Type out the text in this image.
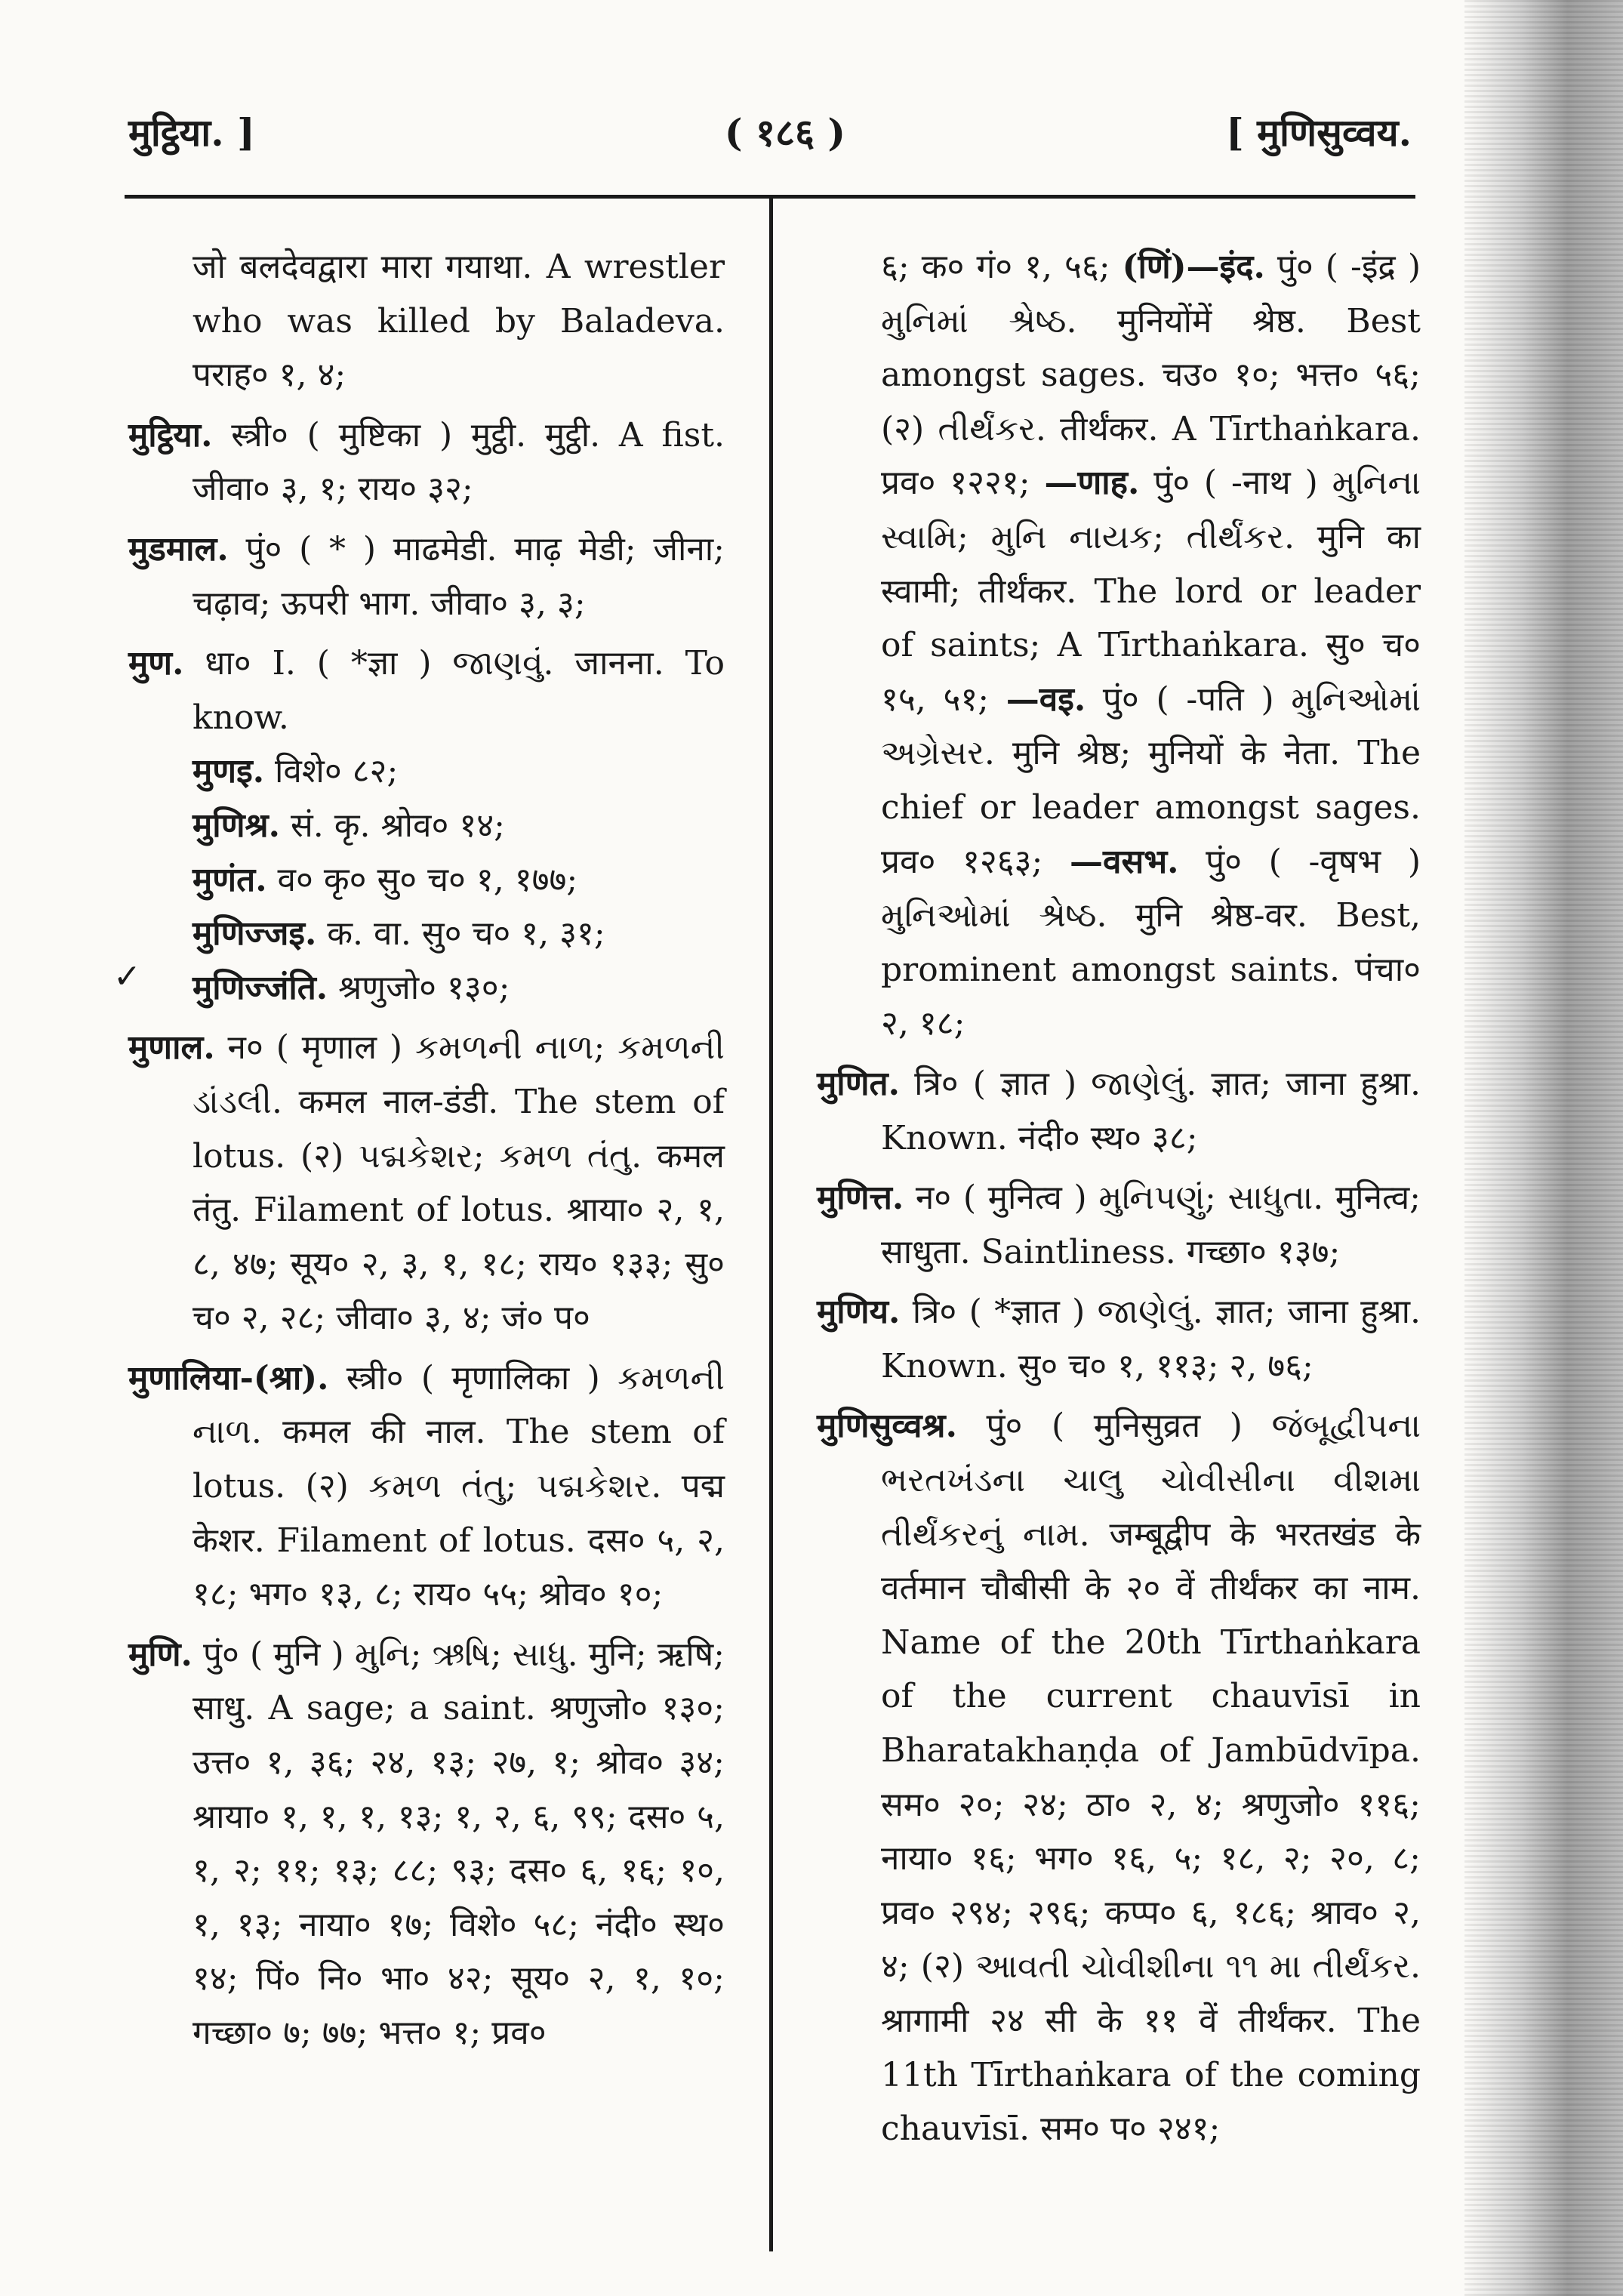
मुट्ठिया. ]	( १८६ )	[ मुणिसुव्वय.
✓

जो बलदेवद्वारा मारा गयाथा. A wrestler who was killed by Baladeva. पराह० १, ४;

मुट्ठिया. स्त्री० ( मुष्टिका ) मुट्ठी. मुट्ठी. A fist. जीवा० ३, १; राय० ३२;

मुडमाल. पुं० ( * ) माढमेडी. माढ़ मेडी; जीना; चढ़ाव; ऊपरी भाग. जीवा० ३, ३;

मुण. धा० I. ( *ज्ञा ) જાણવું. जानना. To know.

मुणइ. विशे० ८२;

मुणिश्र. सं. कृ. श्रोव० १४;

मुणंत. व० कृ० सु० च० १, १७७;

मुणिज्जइ. क. वा. सु० च० १, ३१;

मुणिज्जंति. श्रणुजो० १३०;

मुणाल. न० ( मृणाल ) કમળની નાળ; કમળની ડાંડલી. कमल नाल-डंडी. The stem of lotus. (२) પદ્મકેશર; કમળ તંતુ. कमल तंतु. Filament of lotus. श्राया० २, १, ८, ४७; सूय० २, ३, १, १८; राय० १३३; सु० च० २, २८; जीवा० ३, ४; जं० प०

मुणालिया-(श्रा). स्त्री० ( मृणालिका ) કમળની નાળ. कमल की नाल. The stem of lotus. (२) કમળ તંતુ; પદ્મકેશર. पद्म केशर. Filament of lotus. दस० ५, २, १८; भग० १३, ८; राय० ५५; श्रोव० १०;

मुणि. पुं० ( मुनि ) મુનિ; ઋષિ; સાધુ. मुनि; ऋषि; साधु. A sage; a saint. श्रणुजो० १३०; उत्त० १, ३६; २४, १३; २७, १; श्रोव० ३४; श्राया० १, १, १, १३; १, २, ६, ९९; दस० ५, १, २; ११; १३; ८८; ९३; दस० ६, १६; १०, १, १३; नाया० १७; विशे० ५८; नंदी० स्थ० १४; पिं० नि० भा० ४२; सूय० २, १, १०; गच्छा० ७; ७७; भत्त० १; प्रव०

६; क० गं० १, ५६; (णिं)—इंद. पुं० ( -इंद्र ) મુનિમાં શ્રેષ્ઠ. मुनियोंमें श्रेष्ठ. Best amongst sages. चउ० १०; भत्त० ५६; (२) તીર્થંકર. तीर्थंकर. A Tīrthaṅkara. प्रव० १२२१; —णाह. पुं० ( -नाथ ) મુનિના સ્વામિ; મુનિ નાયક; તીર્થંકર. मुनि का स्वामी; तीर्थंकर. The lord or leader of saints; A Tīrthaṅkara. सु० च० १५, ५१; —वइ. पुं० ( -पति ) મુનિઓમાં અગ્રેસર. मुनि श्रेष्ठ; मुनियों के नेता. The chief or leader amongst sages. प्रव० १२६३; —वसभ. पुं० ( -वृषभ ) મુનિઓમાં શ્રેષ્ઠ. मुनि श्रेष्ठ-वर. Best, prominent amongst saints. पंचा० २, १८;

मुणित. त्रि० ( ज्ञात ) જાણેલું. ज्ञात; जाना हुश्रा. Known. नंदी० स्थ० ३८;

मुणित्त. न० ( मुनित्व ) મુનિપણું; સાધુતા. मुनित्व; साधुता. Saintliness. गच्छा० १३७;

मुणिय. त्रि० ( *ज्ञात ) જાણેલું. ज्ञात; जाना हुश्रा. Known. सु० च० १, ११३; २, ७६;

मुणिसुव्वश्र. पुं० ( मुनिसुव्रत ) જંબૂદ્વીપના ભરતખંડના ચાલુ ચોવીસીના વીશમા તીર્થંકરનું નામ. जम्बूद्वीप के भरतखंड के वर्तमान चौबीसी के २० वें तीर्थंकर का नाम. Name of the 20th Tīrthaṅkara of the current chauvīsī in Bharatakhaṇḍa of Jambūdvīpa. सम० २०; २४; ठा० २, ४; श्रणुजो० ११६; नाया० १६; भग० १६, ५; १८, २; २०, ८; प्रव० २९४; २९६; कप्प० ६, १८६; श्राव० २, ४; (२) આવતી ચોવીશીના ૧૧ મા તીર્થંકર. श्रागामी २४ सी के ११ वें तीर्थंकर. The 11th Tīrthaṅkara of the coming chauvīsī. सम० प० २४१;
